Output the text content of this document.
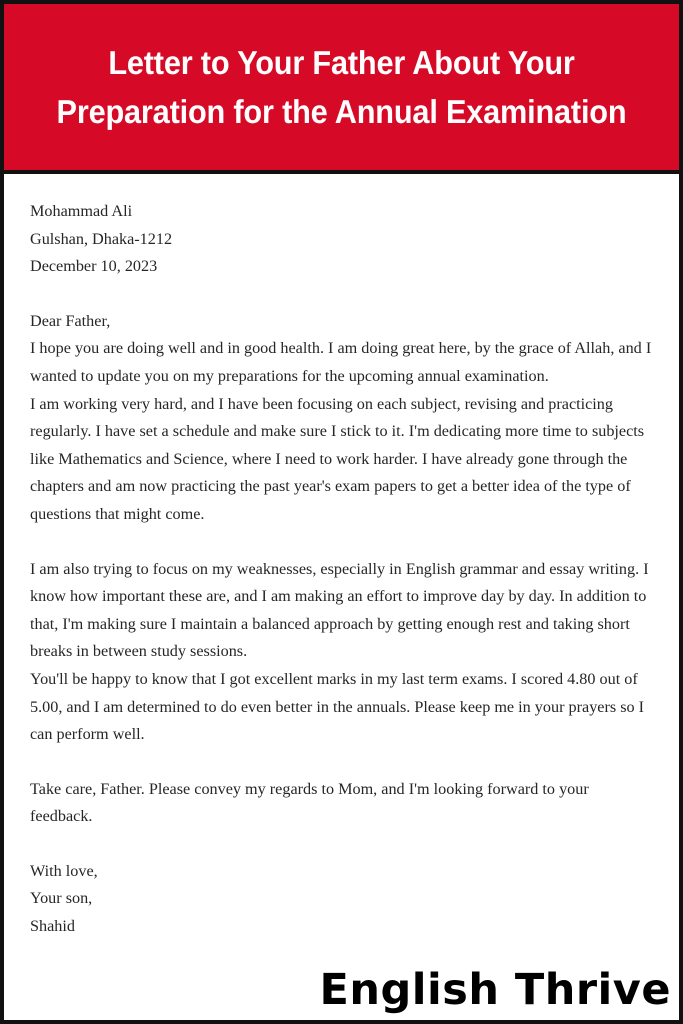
Letter to Your Father About Your Preparation for the Annual Examination
Mohammad Ali
Gulshan, Dhaka-1212
December 10, 2023
Dear Father,

I hope you are doing well and in good health. I am doing great here, by the grace of Allah, and I wanted to update you on my preparations for the upcoming annual examination.

I am working very hard, and I have been focusing on each subject, revising and practicing regularly. I have set a schedule and make sure I stick to it. I'm dedicating more time to subjects like Mathematics and Science, where I need to work harder. I have already gone through the chapters and am now practicing the past year's exam papers to get a better idea of the type of questions that might come.

I am also trying to focus on my weaknesses, especially in English grammar and essay writing. I know how important these are, and I am making an effort to improve day by day. In addition to that, I'm making sure I maintain a balanced approach by getting enough rest and taking short breaks in between study sessions.

You'll be happy to know that I got excellent marks in my last term exams. I scored 4.80 out of 5.00, and I am determined to do even better in the annuals. Please keep me in your prayers so I can perform well.

Take care, Father. Please convey my regards to Mom, and I'm looking forward to your feedback.

With love,
Your son,
Shahid
English Thrive
